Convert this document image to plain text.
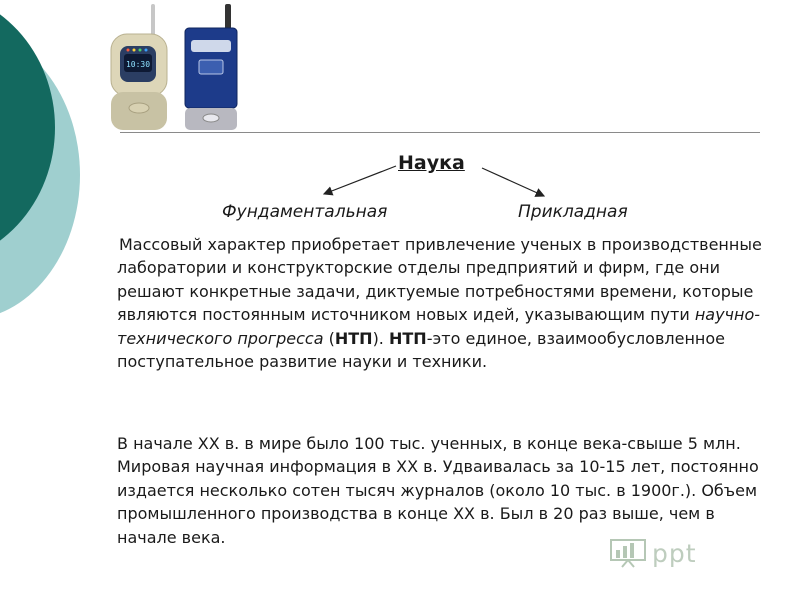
10:30
Наука
Фундаментальная	Прикладная

Массовый характер приобретает привлечение ученых в производственные лаборатории и конструкторские отделы предприятий и фирм, где они решают конкретные задачи, диктуемые потребностями времени, которые являются постоянным источником новых идей, указывающим пути научно-технического прогресса (НТП). НТП-это единое, взаимообусловленное поступательное развитие науки и техники.

В начале XX в. в мире было 100 тыс. ученных, в конце века-свыше 5 млн. Мировая научная информация в XX в. Удваивалась за 10-15 лет, постоянно издается несколько сотен тысяч журналов (около 10 тыс. в 1900г.). Объем промышленного производства в конце XX в. Был в 20 раз выше, чем в начале века.

ppt
